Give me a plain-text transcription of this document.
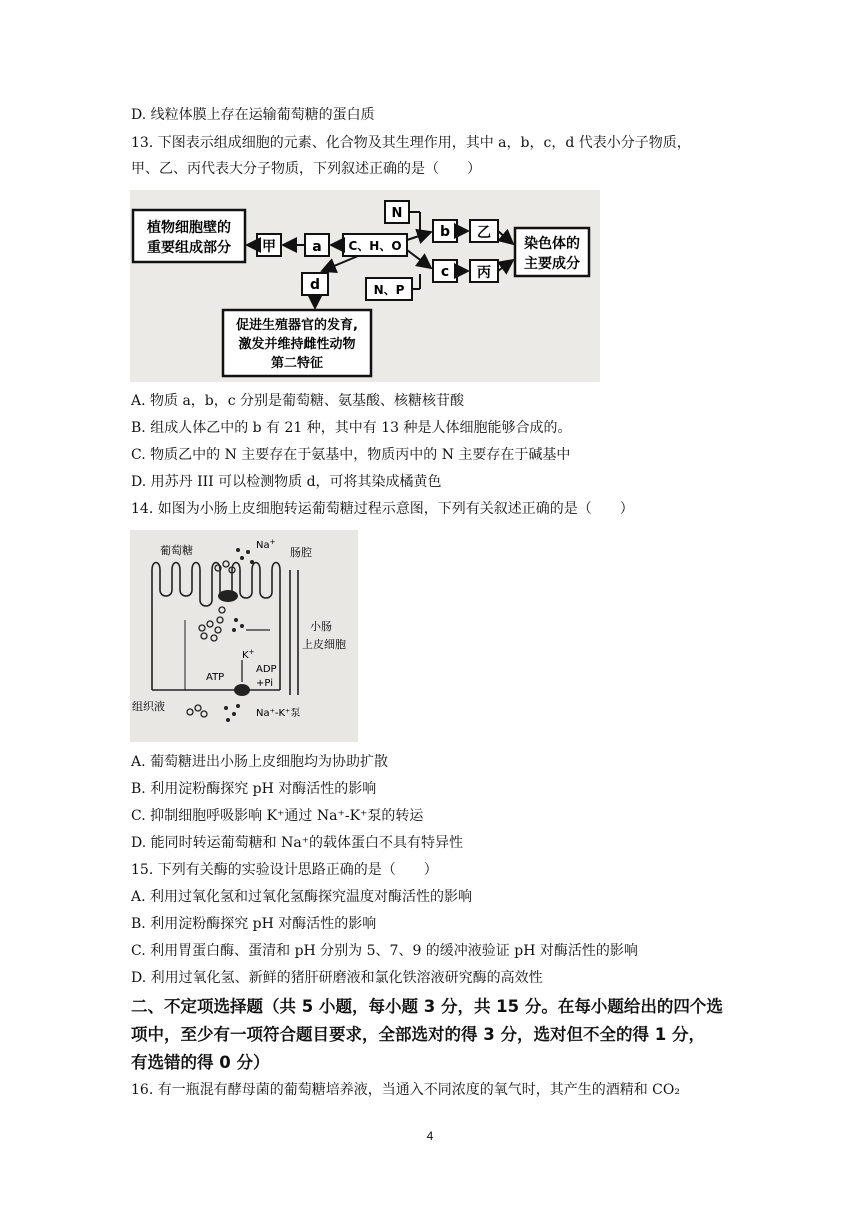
D. 线粒体膜上存在运输葡萄糖的蛋白质
13. 下图表示组成细胞的元素、化合物及其生理作用，其中 a，b，c，d 代表小分子物质，
甲、乙、丙代表大分子物质，下列叙述正确的是（　　）
植物细胞壁的
重要组成部分 甲	a C、H、O
N
N、P
b
c
乙
丙
染色体的
主要成分
d
促进生殖器官的发育,
激发并维持雌性动物
第二特征
A. 物质 a，b，c 分别是葡萄糖、氨基酸、核糖核苷酸
B. 组成人体乙中的 b 有 21 种，其中有 13 种是人体细胞能够合成的。
C. 物质乙中的 N 主要存在于氨基中，物质丙中的 N 主要存在于碱基中
D. 用苏丹 III 可以检测物质 d，可将其染成橘黄色
14. 如图为小肠上皮细胞转运葡萄糖过程示意图，下列有关叙述正确的是（　　）
葡萄糖	Na+
肠腔
小肠
上皮细胞
K+
ATP
ADP
+Pi
组织液
Na⁺-K⁺泵
A. 葡萄糖进出小肠上皮细胞均为协助扩散
B. 利用淀粉酶探究 pH 对酶活性的影响
C. 抑制细胞呼吸影响 K⁺通过 Na⁺-K⁺泵的转运
D. 能同时转运葡萄糖和 Na⁺的载体蛋白不具有特异性
15. 下列有关酶的实验设计思路正确的是（　　）
A. 利用过氧化氢和过氧化氢酶探究温度对酶活性的影响
B. 利用淀粉酶探究 pH 对酶活性的影响
C. 利用胃蛋白酶、蛋清和 pH 分别为 5、7、9 的缓冲液验证 pH 对酶活性的影响
D. 利用过氧化氢、新鲜的猪肝研磨液和氯化铁溶液研究酶的高效性
二、不定项选择题（共 5 小题，每小题 3 分，共 15 分。在每小题给出的四个选
项中，至少有一项符合题目要求，全部选对的得 3 分，选对但不全的得 1 分，
有选错的得 0 分）
16. 有一瓶混有酵母菌的葡萄糖培养液，当通入不同浓度的氧气时，其产生的酒精和 CO₂
4
